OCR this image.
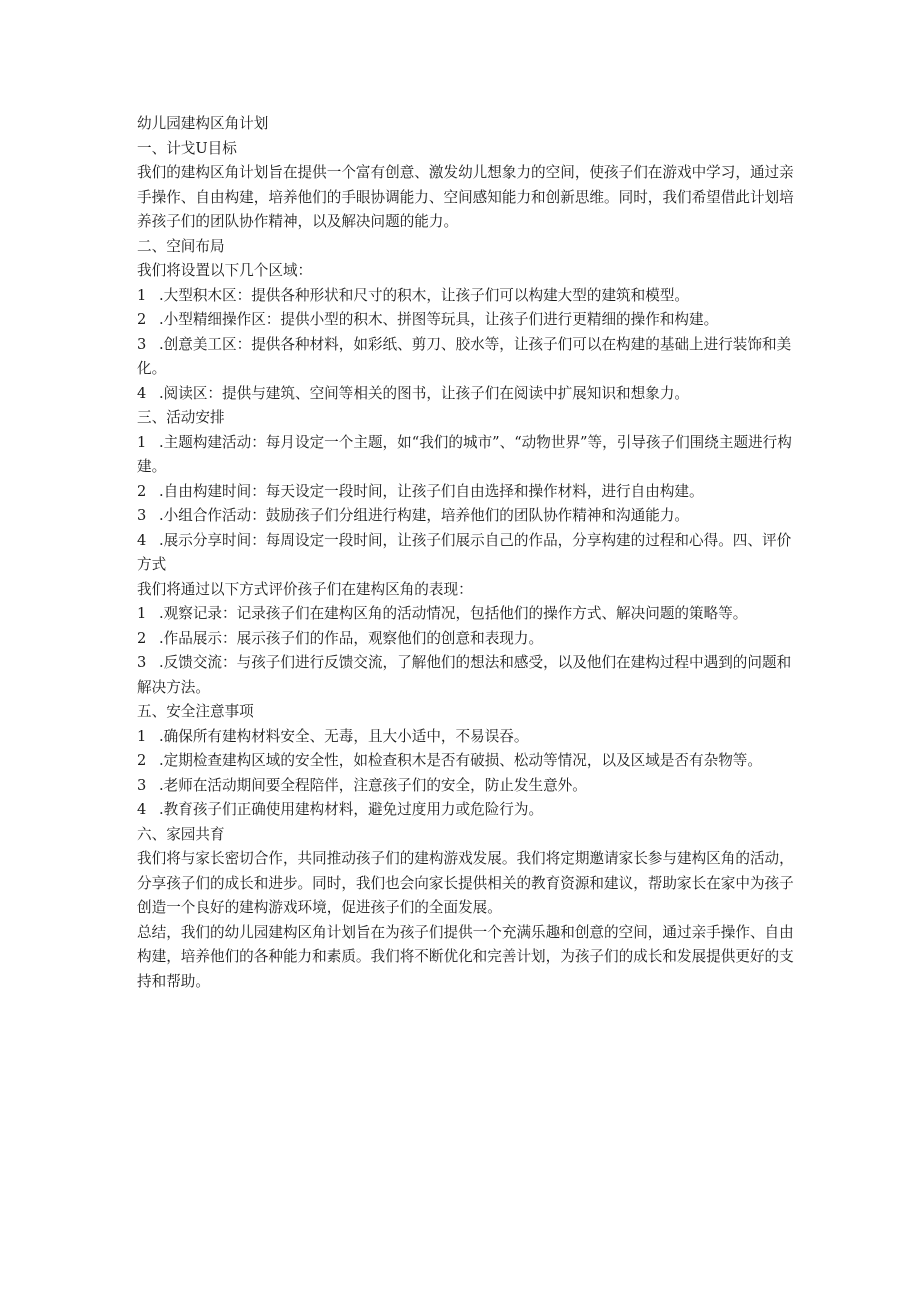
幼儿园建构区角计划
一、计戈U目标
我们的建构区角计划旨在提供一个富有创意、激发幼儿想象力的空间，使孩子们在游戏中学习，通过亲手操作、自由构建，培养他们的手眼协调能力、空间感知能力和创新思维。同时，我们希望借此计划培养孩子们的团队协作精神，以及解决问题的能力。
二、空间布局
我们将设置以下几个区域：
1 .大型积木区：提供各种形状和尺寸的积木，让孩子们可以构建大型的建筑和模型。
2 .小型精细操作区：提供小型的积木、拼图等玩具，让孩子们进行更精细的操作和构建。
3 .创意美工区：提供各种材料，如彩纸、剪刀、胶水等，让孩子们可以在构建的基础上进行装饰和美化。
4 .阅读区：提供与建筑、空间等相关的图书，让孩子们在阅读中扩展知识和想象力。
三、活动安排
1 .主题构建活动：每月设定一个主题，如“我们的城市”、“动物世界”等，引导孩子们围绕主题进行构建。
2 .自由构建时间：每天设定一段时间，让孩子们自由选择和操作材料，进行自由构建。
3 .小组合作活动：鼓励孩子们分组进行构建，培养他们的团队协作精神和沟通能力。
4 .展示分享时间：每周设定一段时间，让孩子们展示自己的作品，分享构建的过程和心得。四、评价方式
我们将通过以下方式评价孩子们在建构区角的表现：
1 .观察记录：记录孩子们在建构区角的活动情况，包括他们的操作方式、解决问题的策略等。
2 .作品展示：展示孩子们的作品，观察他们的创意和表现力。
3 .反馈交流：与孩子们进行反馈交流，了解他们的想法和感受，以及他们在建构过程中遇到的问题和解决方法。
五、安全注意事项
1 .确保所有建构材料安全、无毒，且大小适中，不易误吞。
2 .定期检查建构区域的安全性，如检查积木是否有破损、松动等情况，以及区域是否有杂物等。
3 .老师在活动期间要全程陪伴，注意孩子们的安全，防止发生意外。
4 .教育孩子们正确使用建构材料，避免过度用力或危险行为。
六、家园共育
我们将与家长密切合作，共同推动孩子们的建构游戏发展。我们将定期邀请家长参与建构区角的活动，分享孩子们的成长和进步。同时，我们也会向家长提供相关的教育资源和建议，帮助家长在家中为孩子创造一个良好的建构游戏环境，促进孩子们的全面发展。
总结，我们的幼儿园建构区角计划旨在为孩子们提供一个充满乐趣和创意的空间，通过亲手操作、自由构建，培养他们的各种能力和素质。我们将不断优化和完善计划，为孩子们的成长和发展提供更好的支持和帮助。
